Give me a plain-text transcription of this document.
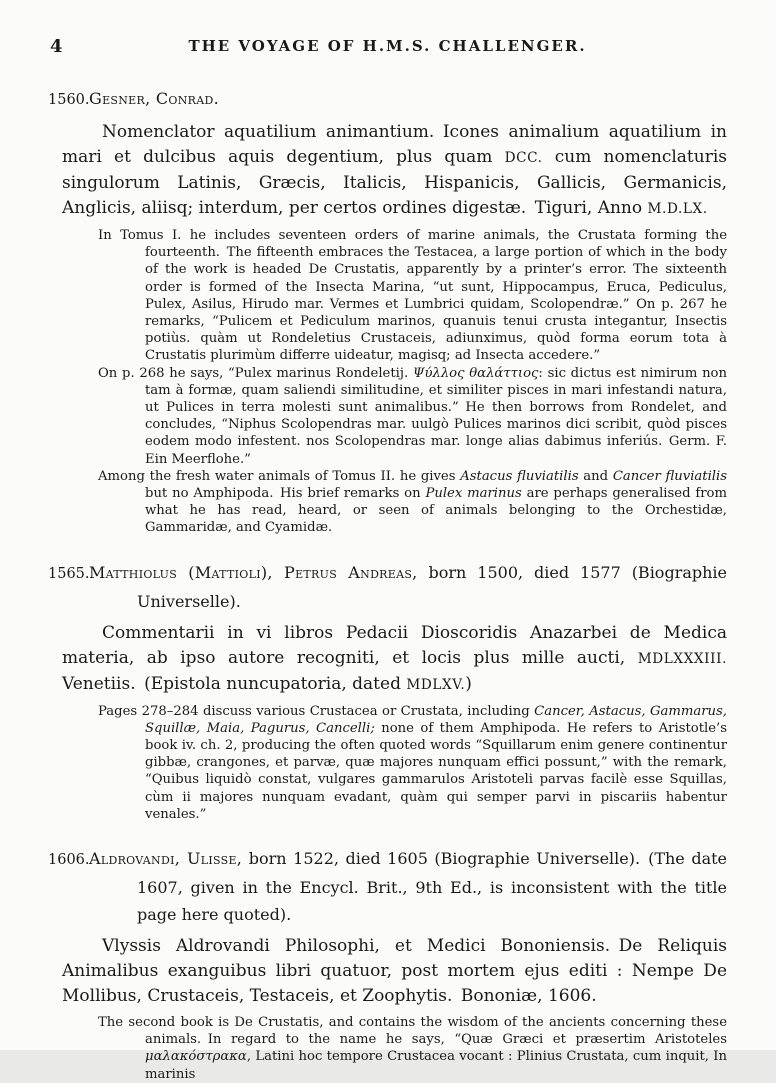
4	THE VOYAGE OF H.M.S. CHALLENGER.

1560.Gesner, Conrad.

Nomenclator aquatilium animantium. Icones animalium aquatilium in mari et dulcibus aquis degentium, plus quam DCC. cum nomenclaturis singulorum Latinis, Græcis, Italicis, Hispanicis, Gallicis, Germanicis, Anglicis, aliisq; interdum, per certos ordines digestæ. Tiguri, Anno M.D.LX.

In Tomus I. he includes seventeen orders of marine animals, the Crustata forming the fourteenth. The fifteenth embraces the Testacea, a large portion of which in the body of the work is headed De Crustatis, apparently by a printer’s error. The sixteenth order is formed of the Insecta Marina, “ut sunt, Hippocampus, Eruca, Pediculus, Pulex, Asilus, Hirudo mar. Vermes et Lumbrici quidam, Scolopendræ.” On p. 267 he remarks, “Pulicem et Pediculum marinos, quanuis tenui crusta integantur, Insectis potiùs. quàm ut Rondeletius Crustaceis, adiunximus, quòd forma eorum tota à Crustatis plurimùm differre uideatur, magisq; ad Insecta accedere.”

On p. 268 he says, “Pulex marinus Rondeletij. Ψύλλος θαλάττιος: sic dictus est nimirum non tam à formæ, quam saliendi similitudine, et similiter pisces in mari infestandi natura, ut Pulices in terra molesti sunt animalibus.” He then borrows from Rondelet, and concludes, “Niphus Scolopendras mar. uulgò Pulices marinos dici scribit, quòd pisces eodem modo infestent. nos Scolopendras mar. longe alias dabimus inferiús. Germ. F. Ein Meerflohe.”

Among the fresh water animals of Tomus II. he gives Astacus fluviatilis and Cancer fluviatilis but no Amphipoda. His brief remarks on Pulex marinus are perhaps generalised from what he has read, heard, or seen of animals belonging to the Orchestidæ, Gammaridæ, and Cyamidæ.

1565.Matthiolus (Mattioli), Petrus Andreas, born 1500, died 1577 (Biographie Universelle).

Commentarii in vi libros Pedacii Dioscoridis Anazarbei de Medica materia, ab ipso autore recogniti, et locis plus mille aucti, MDLXXXIII. Venetiis. (Epistola nuncupatoria, dated MDLXV.)

Pages 278–284 discuss various Crustacea or Crustata, including Cancer, Astacus, Gammarus, Squillæ, Maia, Pagurus, Cancelli; none of them Amphipoda. He refers to Aristotle’s book iv. ch. 2, producing the often quoted words “Squillarum enim genere continentur gibbæ, crangones, et parvæ, quæ majores nunquam effici possunt,” with the remark, “Quibus liquidò constat, vulgares gammarulos Aristoteli parvas facilè esse Squillas, cùm ii majores nunquam evadant, quàm qui semper parvi in piscariis habentur venales.”

1606.Aldrovandi, Ulisse, born 1522, died 1605 (Biographie Universelle). (The date 1607, given in the Encycl. Brit., 9th Ed., is inconsistent with the title page here quoted).

Vlyssis Aldrovandi Philosophi, et Medici Bononiensis. De Reliquis Animalibus exanguibus libri quatuor, post mortem ejus editi : Nempe De Mollibus, Crustaceis, Testaceis, et Zoophytis. Bononiæ, 1606.

The second book is De Crustatis, and contains the wisdom of the ancients concerning these animals. In regard to the name he says, “Quæ Græci et præsertim Aristoteles μαλακόστρακα, Latini hoc tempore Crustacea vocant : Plinius Crustata, cum inquit, In marinis
